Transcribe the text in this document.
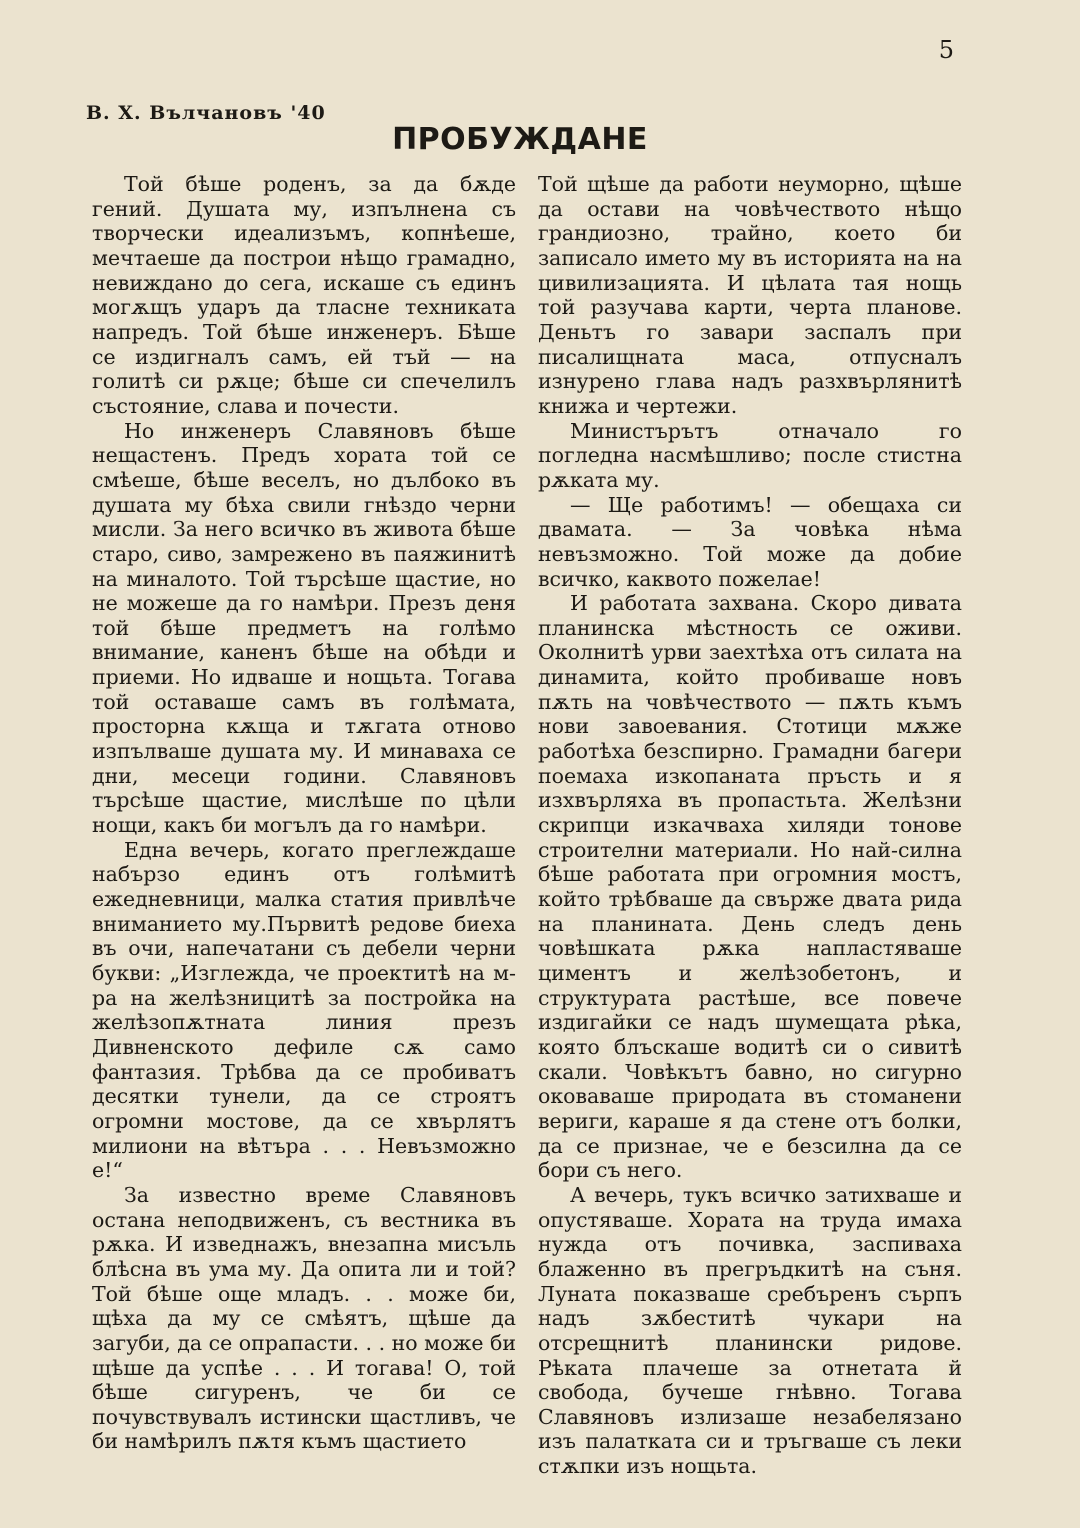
5

В. Х. Вълчановъ '40

ПРОБУЖДАНЕ

Той бѣше роденъ, за да бѫде гений. Душата му, изпълнена съ творчески идеализъмъ, копнѣеше, мечтаеше да построи нѣщо грамадно, невиждано до сега, искаше съ единъ могѫщъ ударъ да тласне техниката напредъ. Той бѣше инженеръ. Бѣше се издигналъ самъ, ей тъй — на голитѣ си рѫце; бѣше си спечелилъ състояние, слава и почести.

Но инженеръ Славяновъ бѣше нещастенъ. Предъ хората той се смѣеше, бѣше веселъ, но дълбоко въ душата му бѣха свили гнѣздо черни мисли. За него всичко въ живота бѣше старо, сиво, замрежено въ паяжинитѣ на миналото. Той търсѣше щастие, но не можеше да го намѣри. Презъ деня той бѣше предметъ на голѣмо внимание, каненъ бѣше на обѣди и приеми. Но идваше и нощьта. Тогава той оставаше самъ въ голѣмата, просторна кѫща и тѫгата отново изпълваше душата му. И минаваха се дни, месеци години. Славяновъ търсѣше щастие, мислѣше по цѣли нощи, какъ би могълъ да го намѣри.

Една вечерь, когато преглеждаше набързо единъ отъ голѣмитѣ ежедневници, малка статия привлѣче вниманието му.Първитѣ редове биеха въ очи, напечатани съ дебели черни букви: „Изглежда, че проектитѣ на м-ра на желѣзницитѣ за постройка на желѣзопѫтната линия презъ Дивненското дефиле сѫ само фантазия. Трѣбва да се пробиватъ десятки тунели, да се строятъ огромни мостове, да се хвърлятъ милиони на вѣтъра . . . Невъзможно е!“

За известно време Славяновъ остана неподвиженъ, съ вестника въ рѫка. И изведнажъ, внезапна мисъль блѣсна въ ума му. Да опита ли и той? Той бѣше още младъ. . . може би, щѣха да му се смѣятъ, щѣше да загуби, да се опрапасти. . . но може би щѣше да успѣе . . . И тогава! О, той бѣше сигуренъ, че би се почувствувалъ истински щастливъ, че би намѣрилъ пѫтя къмъ щастието

Той щѣше да работи неуморно, щѣше да остави на човѣчеството нѣщо грандиозно, трайно, което би записало името му въ историята на на цивилизацията. И цѣлата тая нощь той разучава карти, черта планове. Деньтъ го завари заспалъ при писалищната маса, отпусналъ изнурено глава надъ разхвърлянитѣ книжа и чертежи.

Министърътъ отначало го погледна насмѣшливо; после стистна рѫката му.

— Ще работимъ! — обещаха си двамата. — За човѣка нѣма невъзможно. Той може да добие всичко, каквото пожелае!

И работата захвана. Скоро дивата планинска мѣстность се оживи. Околнитѣ урви заехтѣха отъ силата на динамита, който пробиваше новъ пѫть на човѣчеството — пѫть къмъ нови завоевания. Стотици мѫже работѣха безспирно. Грамадни багери поемаха изкопаната пръсть и я изхвърляха въ пропастьта. Желѣзни скрипци изкачваха хиляди тонове строителни материали. Но най-силна бѣше работата при огромния мостъ, който трѣбваше да свърже двата рида на планината. День следъ день човѣшката рѫка напластяваше циментъ и желѣзобетонъ, и структурата растѣше, все повече издигайки се надъ шумещата рѣка, която блъскаше водитѣ си о сивитѣ скали. Човѣкътъ бавно, но сигурно оковаваше природата въ стоманени вериги, караше я да стене отъ болки, да се признае, че е безсилна да се бори съ него.

А вечерь, тукъ всичко затихваше и опустяваше. Хората на труда имаха нужда отъ почивка, заспиваха блаженно въ прегръдкитѣ на съня. Луната показваше сребъренъ сърпъ надъ зѫбеститѣ чукари на отсрещнитѣ планински ридове. Рѣката плачеше за отнетата й свобода, бучеше гнѣвно. Тогава Славяновъ излизаше незабелязано изъ палатката си и тръгваше съ леки стѫпки изъ нощьта.
